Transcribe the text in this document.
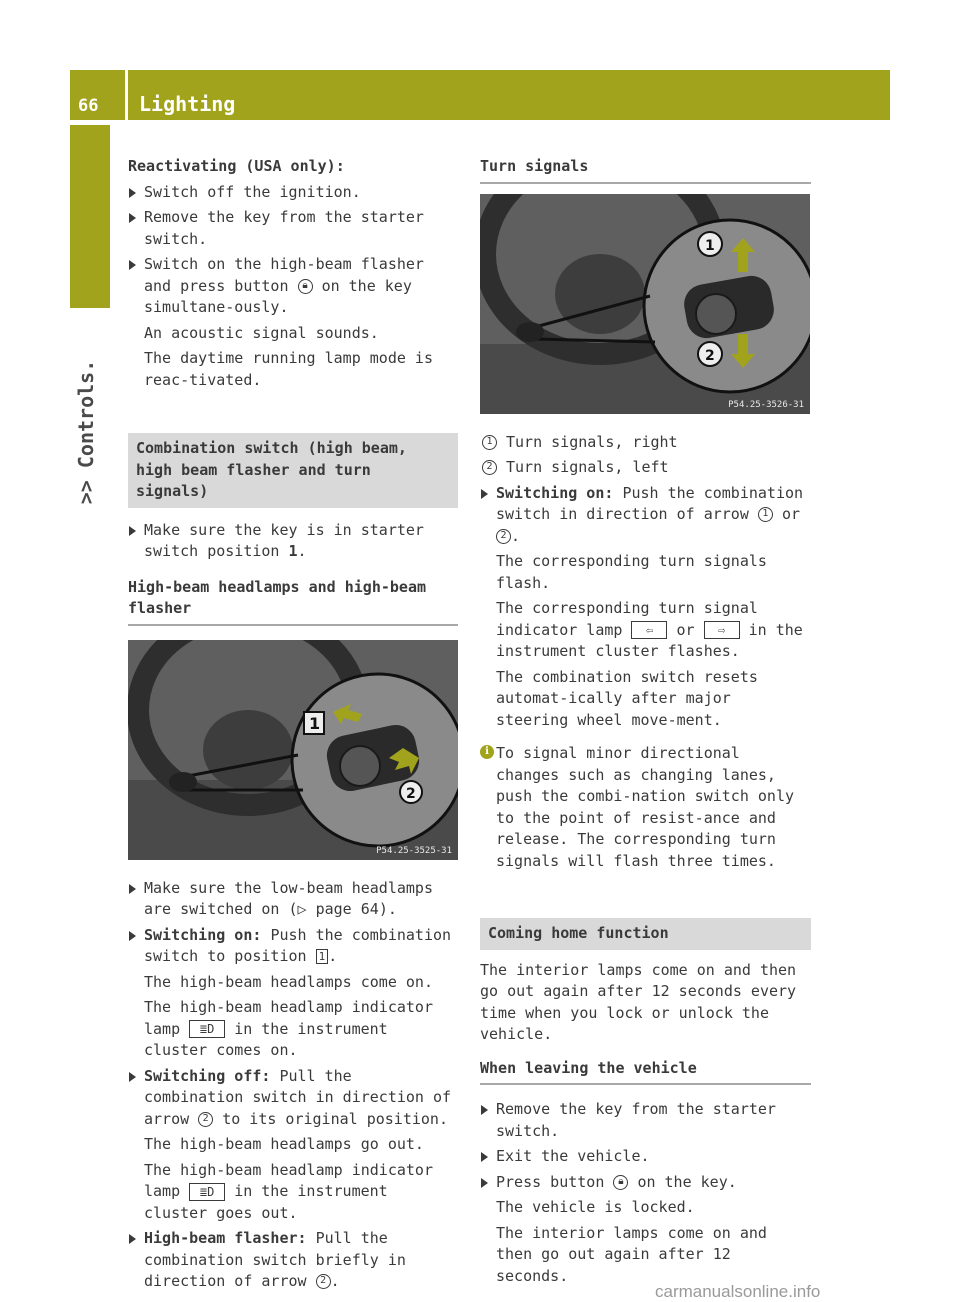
66 Lighting
>> Controls.
Reactivating (USA only):
Switch off the ignition.
Remove the key from the starter switch.
Switch on the high-beam flasher and press button 🔒︎ on the key simultane-ously.
An acoustic signal sounds.
The daytime running lamp mode is reac-tivated.
Combination switch (high beam, high beam flasher and turn signals)
Make sure the key is in starter switch position 1.
High-beam headlamps and high-beam flasher
1
2
P54.25-3525-31
Make sure the low-beam headlamps are switched on (▷ page 64).
Switching on: Push the combination switch to position 1 .
The high-beam headlamps come on.
The high-beam headlamp indicator lamp ≣D in the instrument cluster comes on.
Switching off: Pull the combination switch in direction of arrow 2 to its original position.
The high-beam headlamps go out.
The high-beam headlamp indicator lamp ≣D in the instrument cluster goes out.
High-beam flasher: Pull the combination switch briefly in direction of arrow 2 .
Turn signals
1
2
P54.25-3526-31
1 Turn signals, right
2 Turn signals, left
Switching on: Push the combination switch in direction of arrow 1 or 2 .
The corresponding turn signals flash.
The corresponding turn signal indicator lamp ⇦ or ⇨ in the instrument cluster flashes.
The combination switch resets automat-ically after major steering wheel move-ment.
i To signal minor directional changes such as changing lanes, push the combi-nation switch only to the point of resist-ance and release. The corresponding turn signals will flash three times.
Coming home function
The interior lamps come on and then go out again after 12 seconds every time when you lock or unlock the vehicle.
When leaving the vehicle
Remove the key from the starter switch.
Exit the vehicle.
Press button 🔒︎ on the key.
The vehicle is locked.
The interior lamps come on and then go out again after 12 seconds.
carmanualsonline.info
